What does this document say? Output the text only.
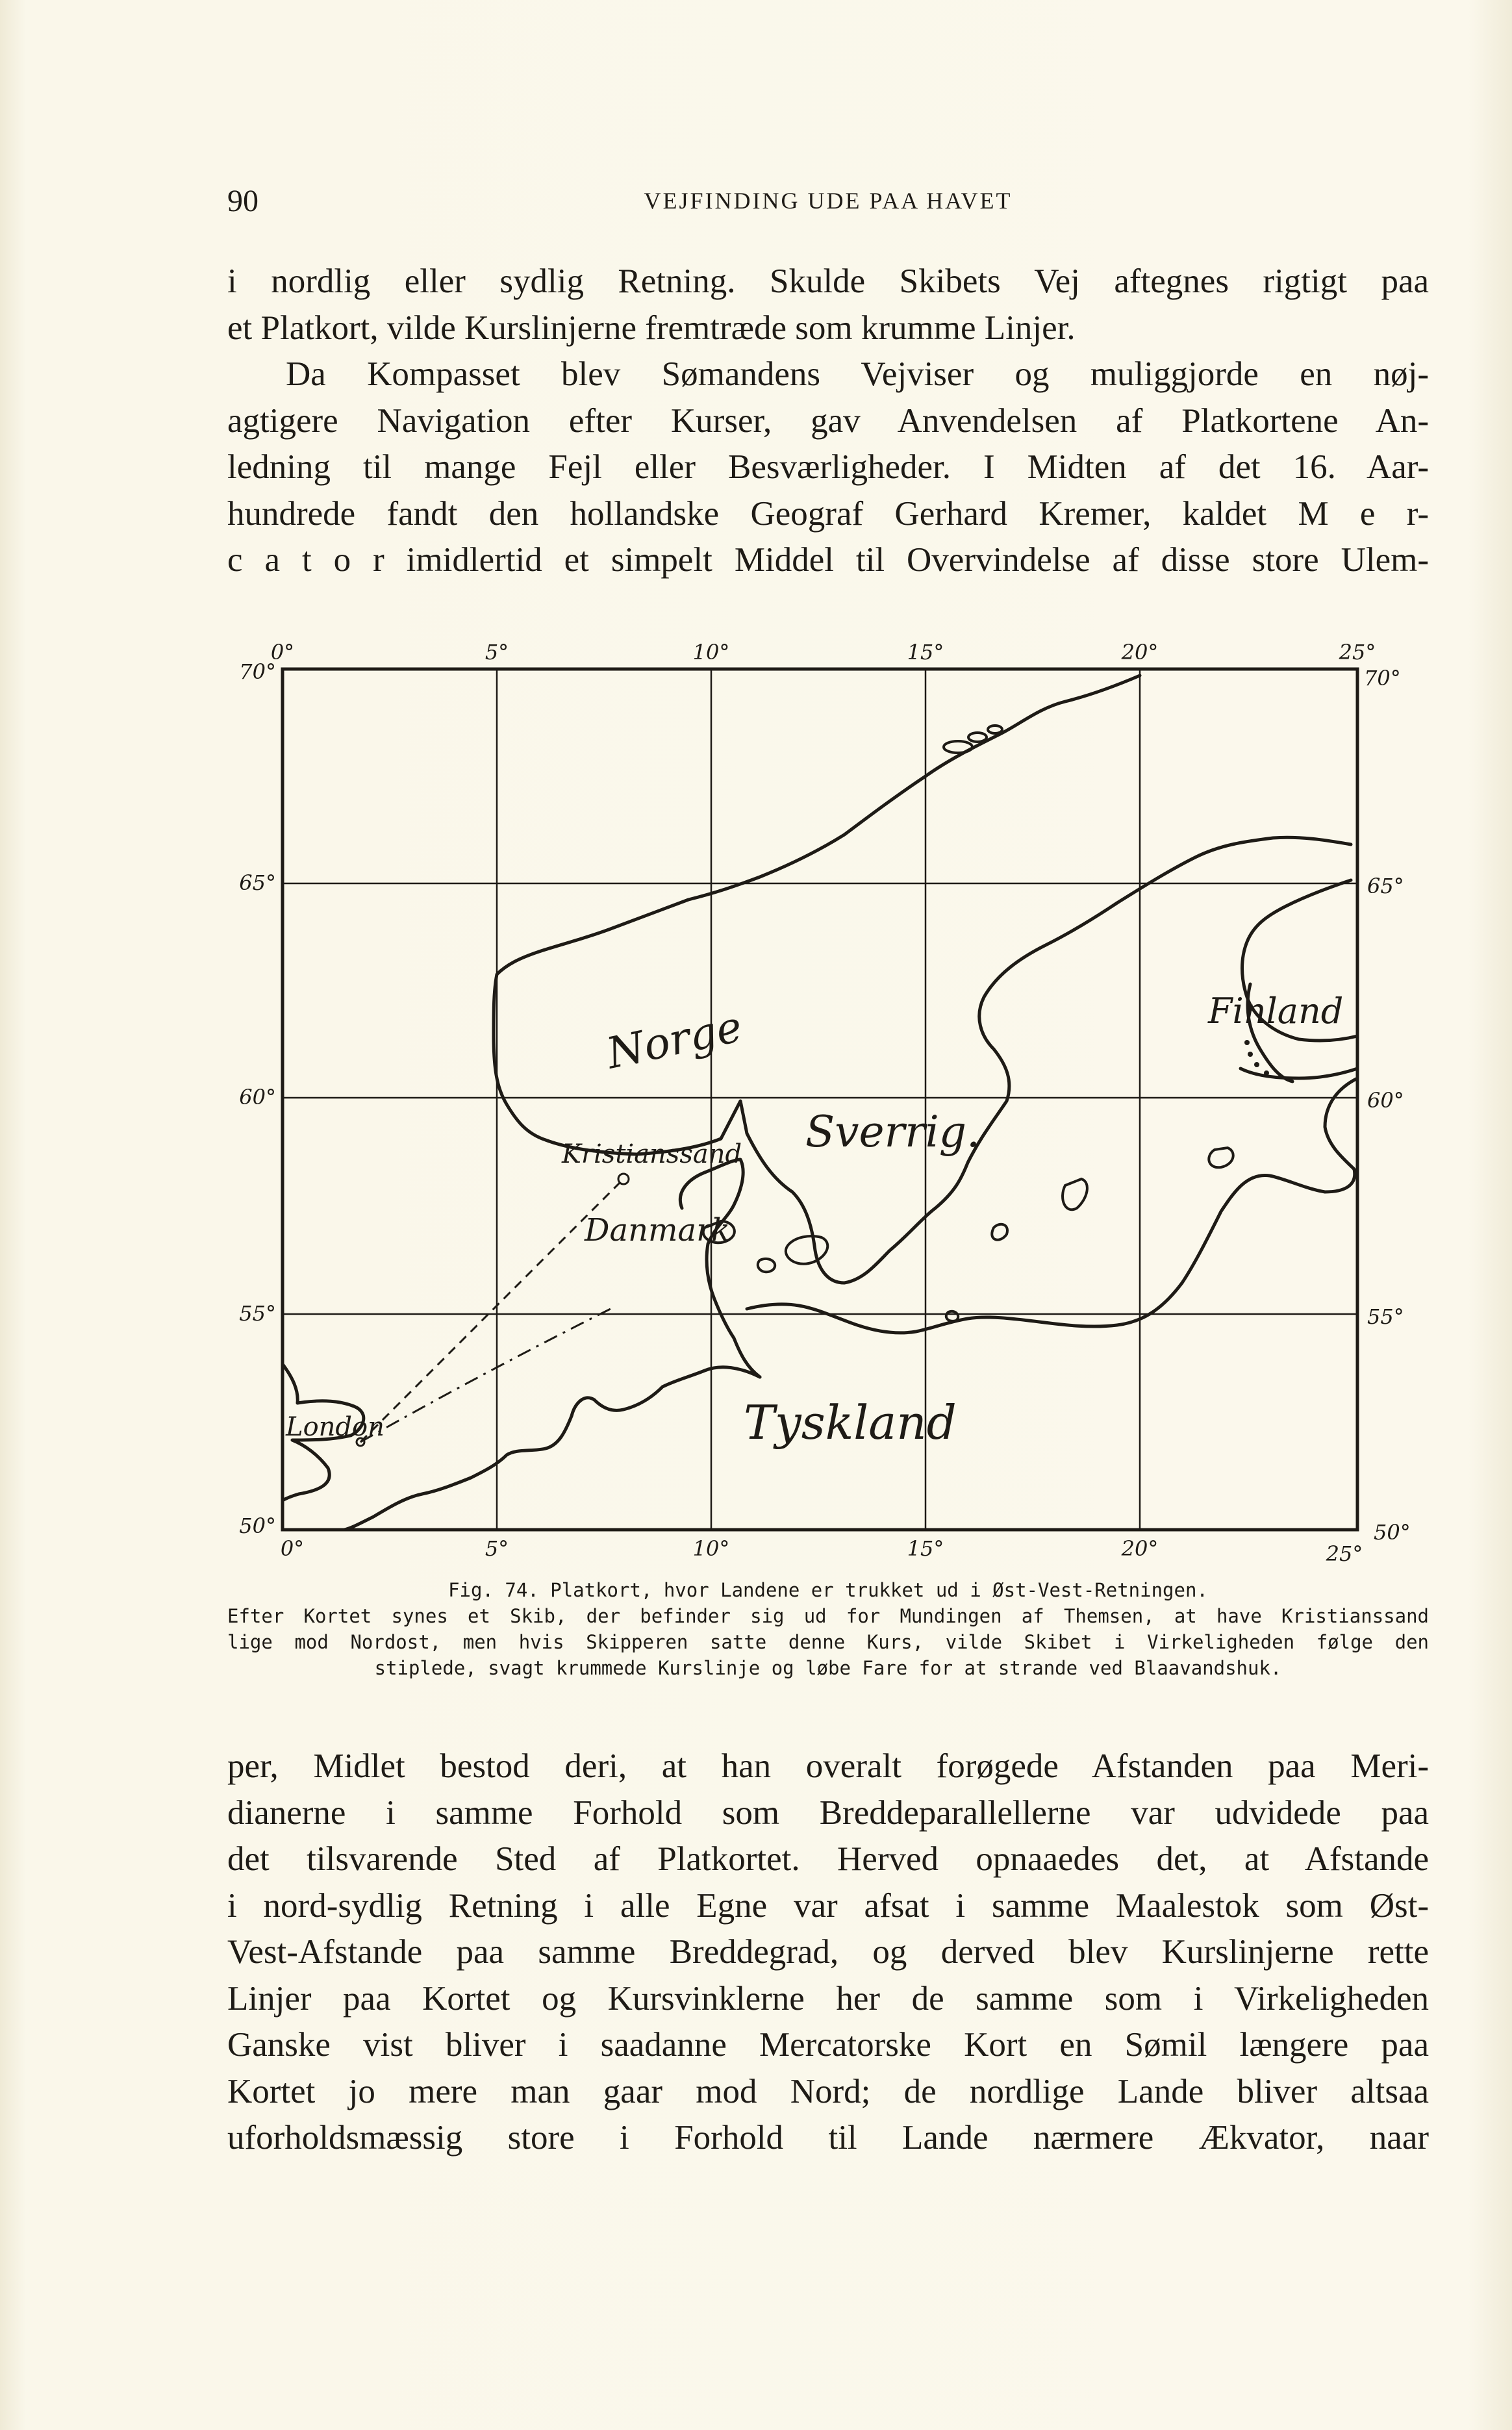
90	VEJFINDING UDE PAA HAVET

i nordlig eller sydlig Retning. Skulde Skibets Vej aftegnes rigtigt paa
et Platkort, vilde Kurslinjerne fremtræde som krumme Linjer.
Da Kompasset blev Sømandens Vejviser og muliggjorde en nøj-
agtigere Navigation efter Kurser, gav Anvendelsen af Platkortene An-
ledning til mange Fejl eller Besværligheder. I Midten af det 16. Aar-
hundrede fandt den hollandske Geograf Gerhard Kremer, kaldet M e r-
c a t o r imidlertid et simpelt Middel til Overvindelse af disse store Ulem-

0°	5°	10°	15°	20°	25°
0°	5°	10°	15°	20°	25°
70°
65°
60°
55°
50°
70°
65°
60°
55°
50°
Norge
Sverrig.
Finland
Danmark
Tyskland
Kristianssand
London

Fig. 74. Platkort, hvor Landene er trukket ud i Øst-Vest-Retningen.
Efter Kortet synes et Skib, der befinder sig ud for Mundingen af Themsen, at have Kristianssand
lige mod Nordost, men hvis Skipperen satte denne Kurs, vilde Skibet i Virkeligheden følge den
stiplede, svagt krummede Kurslinje og løbe Fare for at strande ved Blaavandshuk.

per, Midlet bestod deri, at han overalt forøgede Afstanden paa Meri-
dianerne i samme Forhold som Breddeparallellerne var udvidede paa
det tilsvarende Sted af Platkortet. Herved opnaaedes det, at Afstande
i nord-sydlig Retning i alle Egne var afsat i samme Maalestok som Øst-
Vest-Afstande paa samme Breddegrad, og derved blev Kurslinjerne rette
Linjer paa Kortet og Kursvinklerne her de samme som i Virkeligheden
Ganske vist bliver i saadanne Mercatorske Kort en Sømil længere paa
Kortet jo mere man gaar mod Nord; de nordlige Lande bliver altsaa
uforholdsmæssig store i Forhold til Lande nærmere Ækvator, naar
